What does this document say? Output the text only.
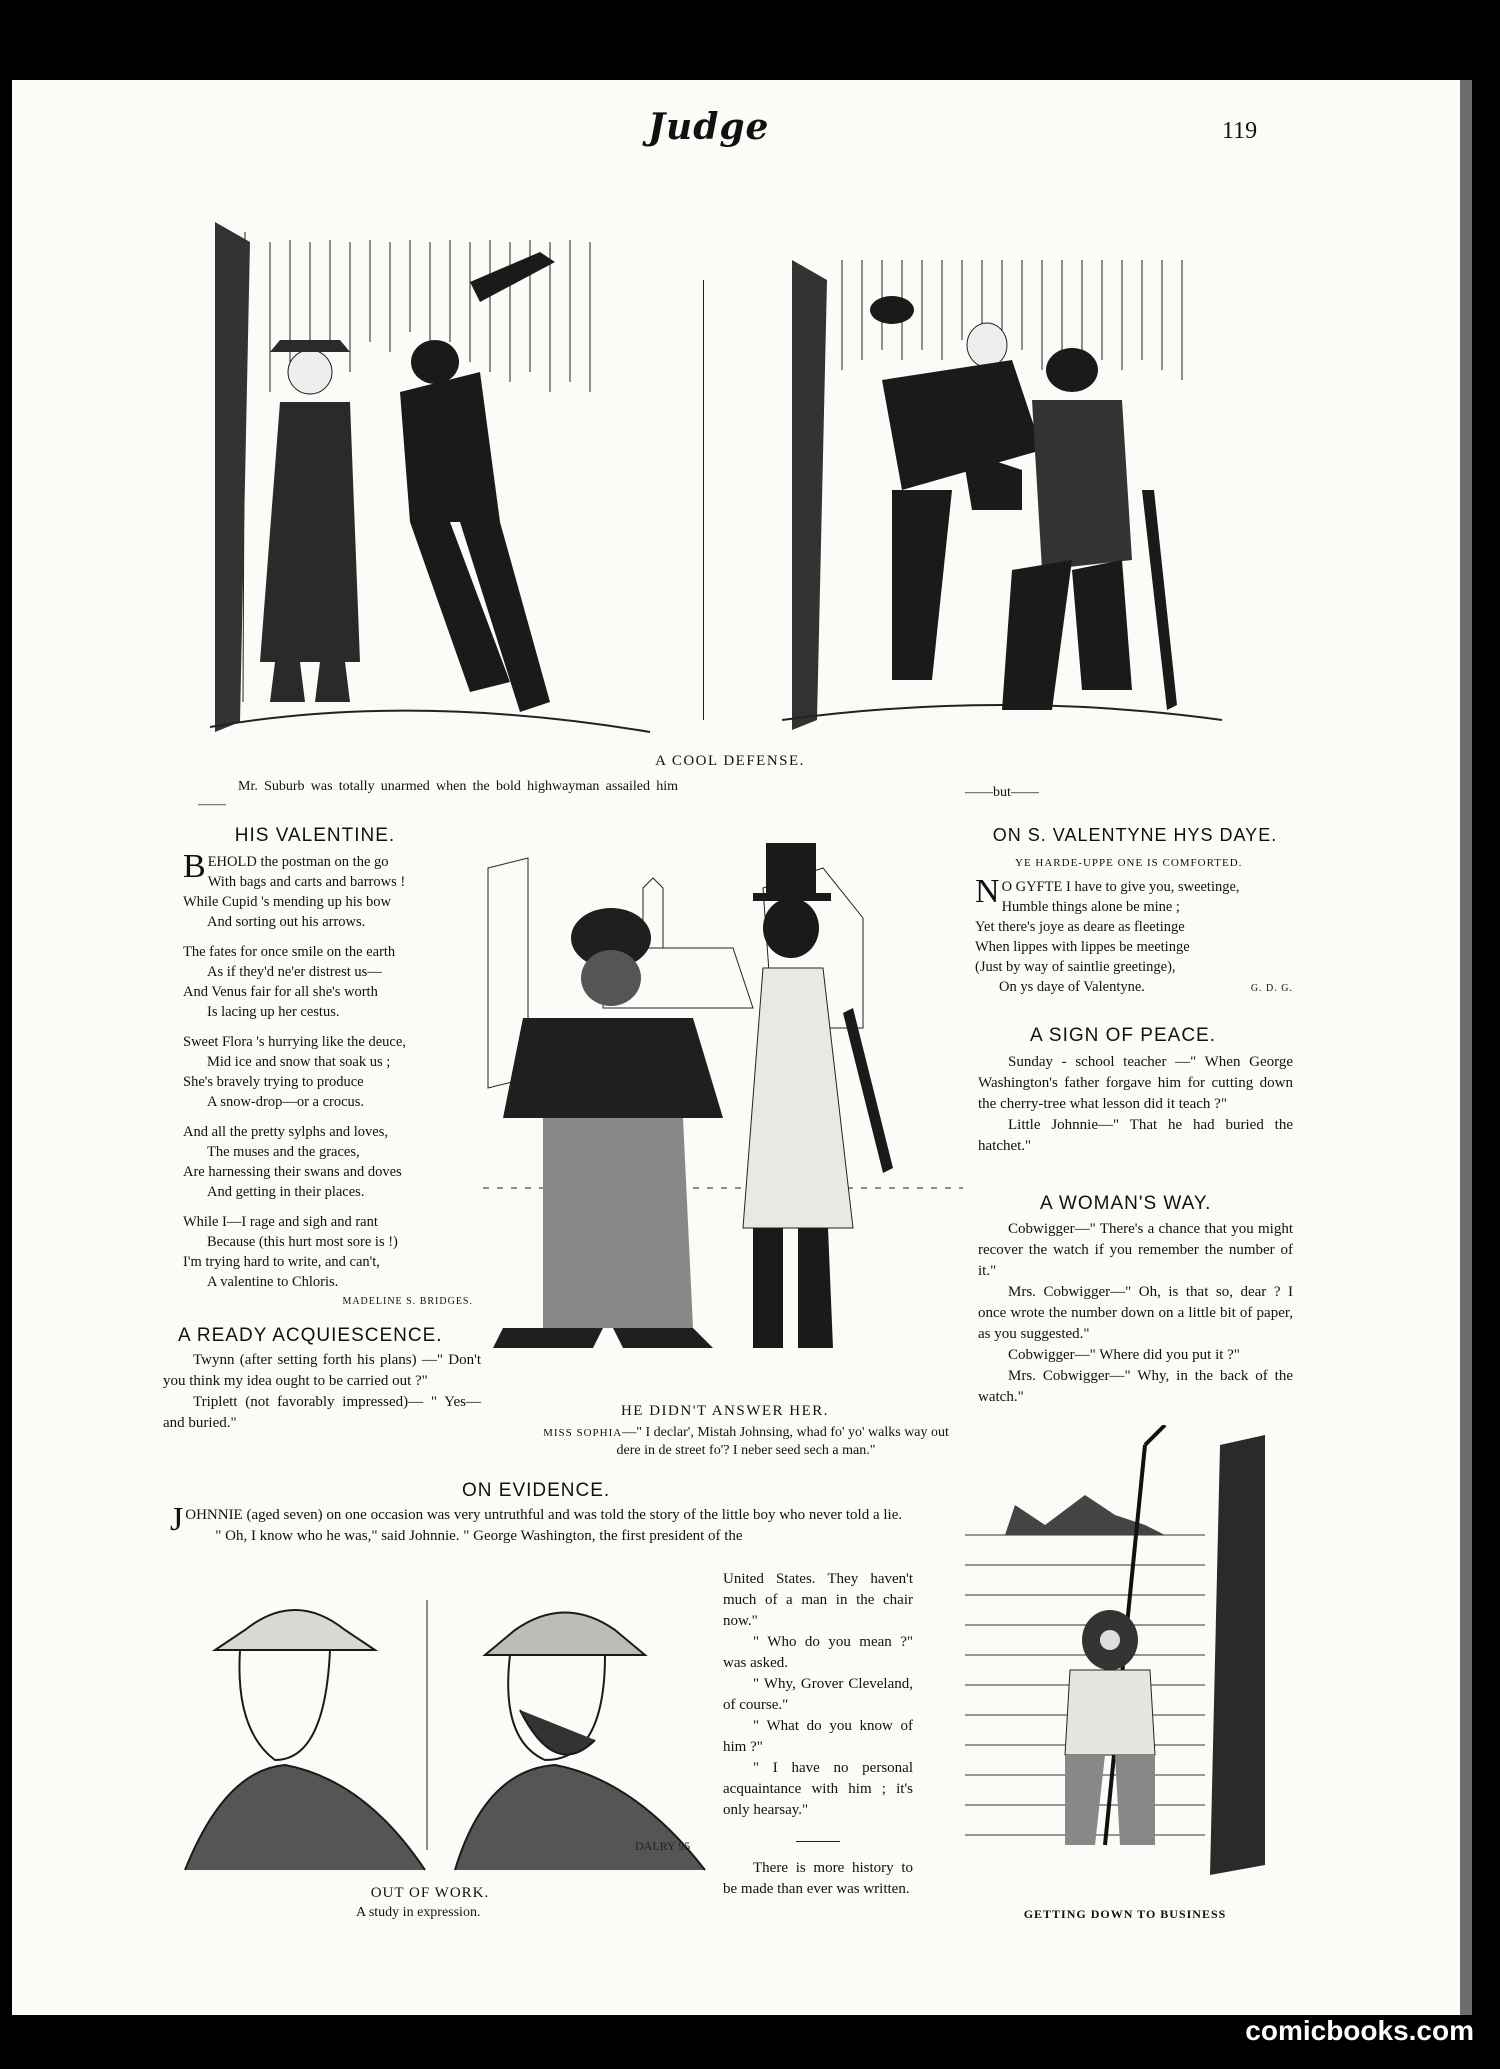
Judge	119
A COOL DEFENSE.
Mr. Suburb was totally unarmed when the bold highwayman assailed him——
——but——
HIS VALENTINE.
B EHOLD the postman on the go
With bags and carts and barrows !
While Cupid 's mending up his bow
And sorting out his arrows.
The fates for once smile on the earth
As if they'd ne'er distrest us—
And Venus fair for all she's worth
Is lacing up her cestus.
Sweet Flora 's hurrying like the deuce,
Mid ice and snow that soak us ;
She's bravely trying to produce
A snow-drop—or a crocus.
And all the pretty sylphs and loves,
The muses and the graces,
Are harnessing their swans and doves
And getting in their places.
While I—I rage and sigh and rant
Because (this hurt most sore is !)
I'm trying hard to write, and can't,
A valentine to Chloris.
MADELINE S. BRIDGES.
A READY ACQUIESCENCE.

Twynn (after setting forth his plans) —" Don't you think my idea ought to be carried out ?"

Triplett (not favorably impressed)— " Yes—and buried."

HE DIDN'T ANSWER HER.
MISS SOPHIA—" I declar', Mistah Johnsing, whad fo' yo' walks way out dere in de street fo'? I neber seed sech a man."
ON S. VALENTYNE HYS DAYE.
YE HARDE-UPPE ONE IS COMFORTED.
N O GYFTE I have to give you, sweetinge,
Humble things alone be mine ;
Yet there's joye as deare as fleetinge
When lippes with lippes be meetinge
(Just by way of saintlie greetinge),
On ys daye of Valentyne.	G. D. G.
A SIGN OF PEACE.

Sunday - school teacher —" When George Washington's father forgave him for cutting down the cherry-tree what lesson did it teach ?"

Little Johnnie—" That he had buried the hatchet."

A WOMAN'S WAY.

Cobwigger—" There's a chance that you might recover the watch if you remember the number of it."

Mrs. Cobwigger—" Oh, is that so, dear ? I once wrote the number down on a little bit of paper, as you suggested."

Cobwigger—" Where did you put it ?"

Mrs. Cobwigger—" Why, in the back of the watch."

ON EVIDENCE.
J OHNNIE (aged seven) on one occasion was very untruthful and was told the story of the little boy who never told a lie.

" Oh, I know who he was," said Johnnie. " George Washington, the first president of the

United States. They haven't much of a man in the chair now."

" Who do you mean ?" was asked.

" Why, Grover Cleveland, of course."

" What do you know of him ?"

" I have no personal acquaintance with him ; it's only hearsay."

There is more history to be made than ever was written.

DALRY 95
OUT OF WORK.
A study in expression.	GETTING DOWN TO BUSINESS
comicbooks.com
